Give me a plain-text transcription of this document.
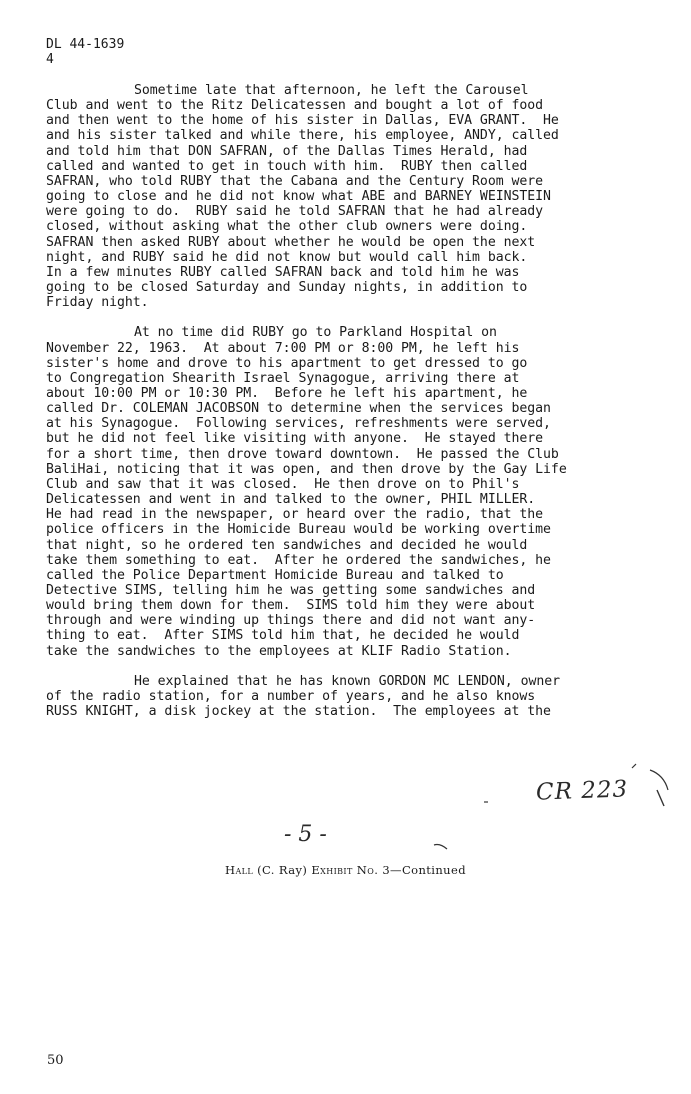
DL 44-1639
4
Sometime late that afternoon, he left the Carousel
Club and went to the Ritz Delicatessen and bought a lot of food
and then went to the home of his sister in Dallas, EVA GRANT.  He
and his sister talked and while there, his employee, ANDY, called
and told him that DON SAFRAN, of the Dallas Times Herald, had
called and wanted to get in touch with him.  RUBY then called
SAFRAN, who told RUBY that the Cabana and the Century Room were
going to close and he did not know what ABE and BARNEY WEINSTEIN
were going to do.  RUBY said he told SAFRAN that he had already
closed, without asking what the other club owners were doing.
SAFRAN then asked RUBY about whether he would be open the next
night, and RUBY said he did not know but would call him back.
In a few minutes RUBY called SAFRAN back and told him he was
going to be closed Saturday and Sunday nights, in addition to
Friday night.
At no time did RUBY go to Parkland Hospital on
November 22, 1963.  At about 7:00 PM or 8:00 PM, he left his
sister's home and drove to his apartment to get dressed to go
to Congregation Shearith Israel Synagogue, arriving there at
about 10:00 PM or 10:30 PM.  Before he left his apartment, he
called Dr. COLEMAN JACOBSON to determine when the services began
at his Synagogue.  Following services, refreshments were served,
but he did not feel like visiting with anyone.  He stayed there
for a short time, then drove toward downtown.  He passed the Club
BaliHai, noticing that it was open, and then drove by the Gay Life
Club and saw that it was closed.  He then drove on to Phil's
Delicatessen and went in and talked to the owner, PHIL MILLER.
He had read in the newspaper, or heard over the radio, that the
police officers in the Homicide Bureau would be working overtime
that night, so he ordered ten sandwiches and decided he would
take them something to eat.  After he ordered the sandwiches, he
called the Police Department Homicide Bureau and talked to
Detective SIMS, telling him he was getting some sandwiches and
would bring them down for them.  SIMS told him they were about
through and were winding up things there and did not want any-
thing to eat.  After SIMS told him that, he decided he would
take the sandwiches to the employees at KLIF Radio Station.
He explained that he has known GORDON MC LENDON, owner
of the radio station, for a number of years, and he also knows
RUSS KNIGHT, a disk jockey at the station.  The employees at the
CR 223
- 5 -
Hall (C. Ray) Exhibit No. 3—Continued
50
